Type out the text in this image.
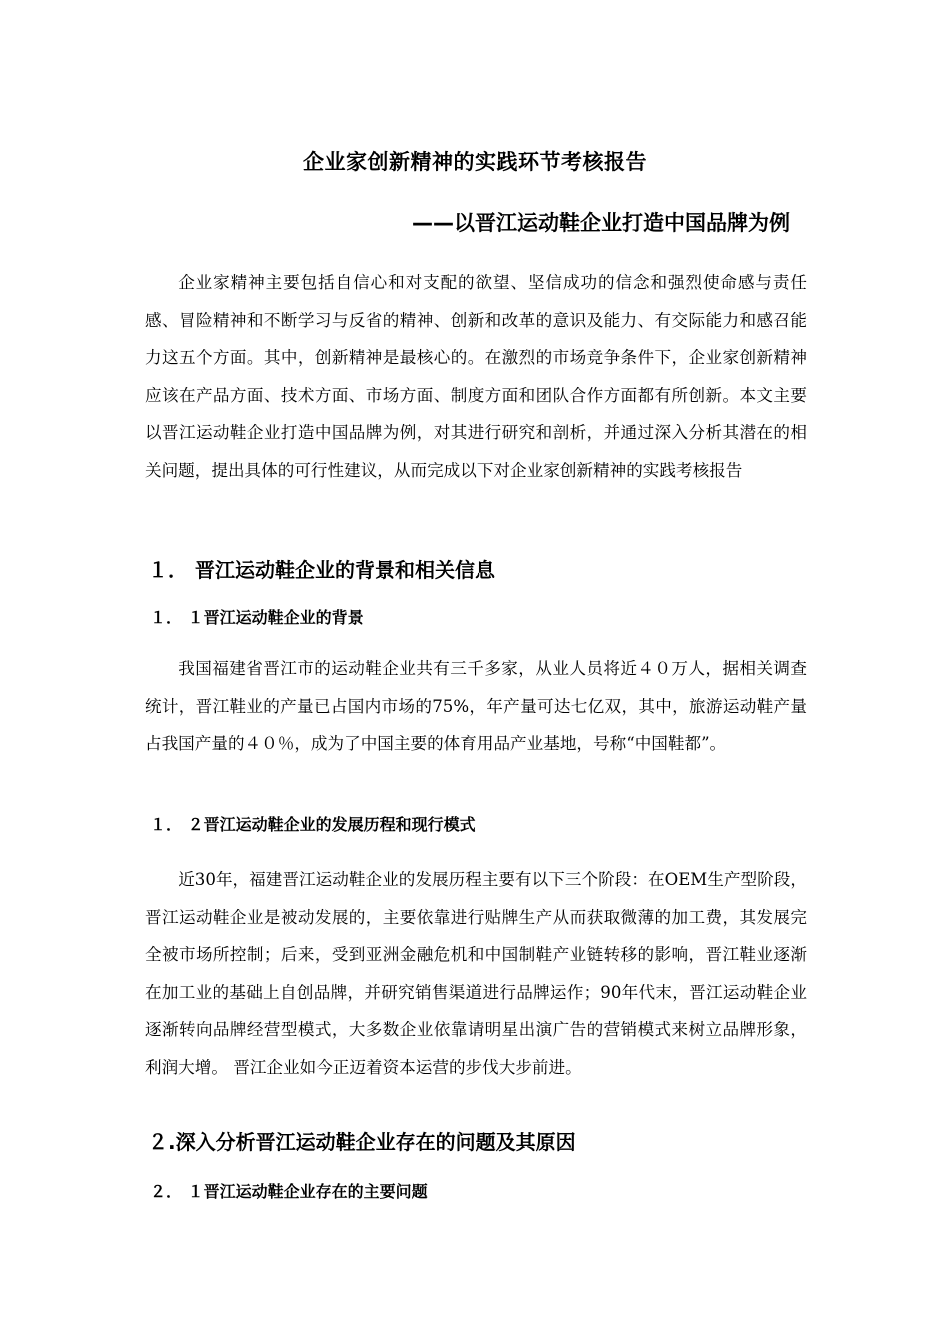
企业家创新精神的实践环节考核报告
——以晋江运动鞋企业打造中国品牌为例

企业家精神主要包括自信心和对支配的欲望、坚信成功的信念和强烈使命感与责任感、冒险精神和不断学习与反省的精神、创新和改革的意识及能力、有交际能力和感召能力这五个方面。其中，创新精神是最核心的。在激烈的市场竞争条件下，企业家创新精神应该在产品方面、技术方面、市场方面、制度方面和团队合作方面都有所创新。本文主要以晋江运动鞋企业打造中国品牌为例，对其进行研究和剖析，并通过深入分析其潜在的相关问题，提出具体的可行性建议，从而完成以下对企业家创新精神的实践考核报告

１． 晋江运动鞋企业的背景和相关信息
１． １晋江运动鞋企业的背景

我国福建省晋江市的运动鞋企业共有三千多家，从业人员将近４０万人，据相关调查统计，晋江鞋业的产量已占国内市场的75%，年产量可达七亿双，其中，旅游运动鞋产量占我国产量的４０％，成为了中国主要的体育用品产业基地，号称“中国鞋都”。

１． ２晋江运动鞋企业的发展历程和现行模式

近30年，福建晋江运动鞋企业的发展历程主要有以下三个阶段：在OEM生产型阶段，晋江运动鞋企业是被动发展的，主要依靠进行贴牌生产从而获取微薄的加工费，其发展完全被市场所控制；后来，受到亚洲金融危机和中国制鞋产业链转移的影响，晋江鞋业逐渐在加工业的基础上自创品牌，并研究销售渠道进行品牌运作；90年代末，晋江运动鞋企业逐渐转向品牌经营型模式，大多数企业依靠请明星出演广告的营销模式来树立品牌形象，利润大增。 晋江企业如今正迈着资本运营的步伐大步前进。

２.深入分析晋江运动鞋企业存在的问题及其原因
２． １晋江运动鞋企业存在的主要问题
